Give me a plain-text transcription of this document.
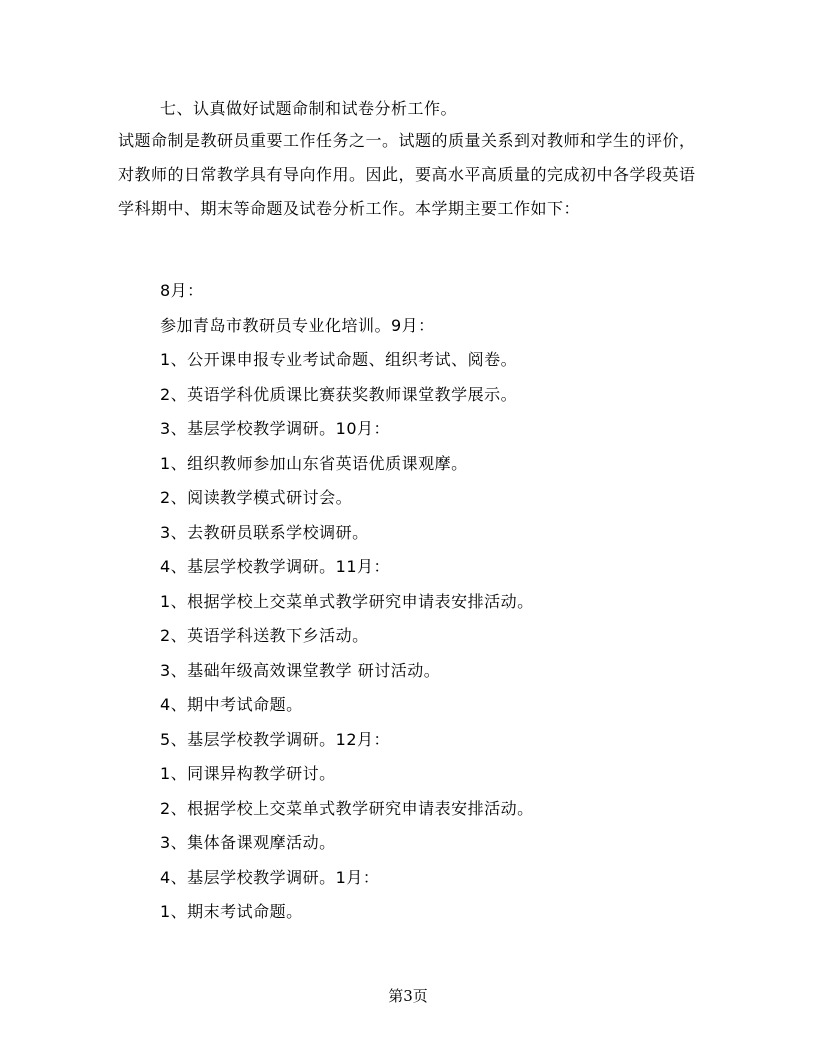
七、认真做好试题命制和试卷分析工作。

试题命制是教研员重要工作任务之一。试题的质量关系到对教师和学生的评价，对教师的日常教学具有导向作用。因此，要高水平高质量的完成初中各学段英语学科期中、期末等命题及试卷分析工作。本学期主要工作如下：

8月：
参加青岛市教研员专业化培训。9月：
1、公开课申报专业考试命题、组织考试、阅卷。
2、英语学科优质课比赛获奖教师课堂教学展示。
3、基层学校教学调研。10月：
1、组织教师参加山东省英语优质课观摩。
2、阅读教学模式研讨会。
3、去教研员联系学校调研。
4、基层学校教学调研。11月：
1、根据学校上交菜单式教学研究申请表安排活动。
2、英语学科送教下乡活动。
3、基础年级高效课堂教学 研讨活动。
4、期中考试命题。
5、基层学校教学调研。12月：
1、同课异构教学研讨。
2、根据学校上交菜单式教学研究申请表安排活动。
3、集体备课观摩活动。
4、基层学校教学调研。1月：
1、期末考试命题。
第3页
